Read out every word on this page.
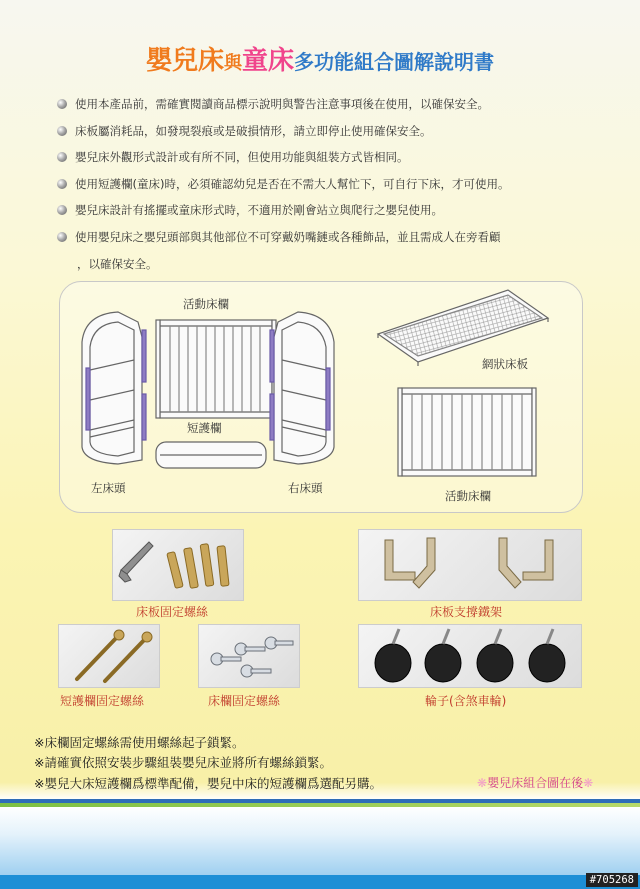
嬰兒床與童床多功能組合圖解說明書
使用本產品前，需確實閱讀商品標示說明與警告注意事項後在使用，以確保安全。
床板屬消耗品，如發現裂痕或是破損情形，請立即停止使用確保安全。
嬰兒床外觀形式設計或有所不同，但使用功能與組裝方式皆相同。
使用短護欄(童床)時，必須確認幼兒是否在不需大人幫忙下，可自行下床，才可使用。
嬰兒床設計有搖擺或童床形式時，不適用於剛會站立與爬行之嬰兒使用。
使用嬰兒床之嬰兒頭部與其他部位不可穿戴奶嘴鏈或各種飾品，並且需成人在旁看顧
，以確保安全。
活動床欄
短護欄
左床頭	右床頭
網狀床板
活動床欄
床板固定螺絲	床板支撐鐵架
短護欄固定螺絲	床欄固定螺絲	輪子(含煞車輪)
※床欄固定螺絲需使用螺絲起子鎖緊。
※請確實依照安裝步驟組裝嬰兒床並將所有螺絲鎖緊。
※嬰兒大床短護欄爲標準配備，嬰兒中床的短護欄爲選配另購。	❋嬰兒床組合圖在後❋
#705268
